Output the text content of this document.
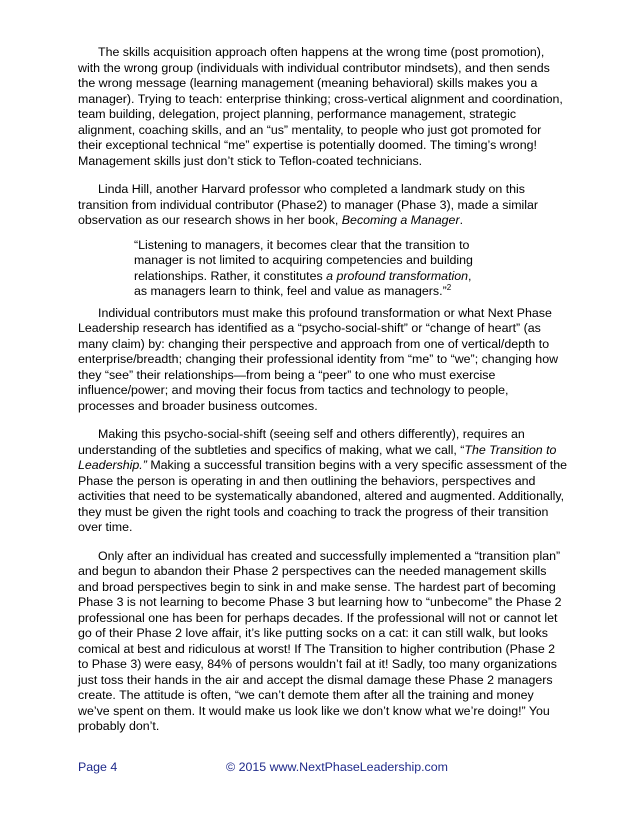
The skills acquisition approach often happens at the wrong time (post promotion), with the wrong group (individuals with individual contributor mindsets), and then sends the wrong message (learning management (meaning behavioral) skills makes you a manager). Trying to teach: enterprise thinking; cross-vertical alignment and coordination, team building, delegation, project planning, performance management, strategic alignment, coaching skills, and an “us” mentality, to people who just got promoted for their exceptional technical “me” expertise is potentially doomed. The timing’s wrong! Management skills just don’t stick to Teflon-coated technicians.

Linda Hill, another Harvard professor who completed a landmark study on this transition from individual contributor (Phase2) to manager (Phase 3), made a similar observation as our research shows in her book, Becoming a Manager.

“Listening to managers, it becomes clear that the transition to manager is not limited to acquiring competencies and building relationships. Rather, it constitutes a profound transformation, as managers learn to think, feel and value as managers.”$^2$

Individual contributors must make this profound transformation or what Next Phase Leadership research has identified as a “psycho-social-shift” or “change of heart” (as many claim) by: changing their perspective and approach from one of vertical/depth to enterprise/breadth; changing their professional identity from “me” to “we”; changing how they “see” their relationships—from being a “peer” to one who must exercise influence/power; and moving their focus from tactics and technology to people, processes and broader business outcomes.

Making this psycho-social-shift (seeing self and others differently), requires an understanding of the subtleties and specifics of making, what we call, “The Transition to Leadership.” Making a successful transition begins with a very specific assessment of the Phase the person is operating in and then outlining the behaviors, perspectives and activities that need to be systematically abandoned, altered and augmented. Additionally, they must be given the right tools and coaching to track the progress of their transition over time.

Only after an individual has created and successfully implemented a “transition plan” and begun to abandon their Phase 2 perspectives can the needed management skills and broad perspectives begin to sink in and make sense. The hardest part of becoming Phase 3 is not learning to become Phase 3 but learning how to “unbecome” the Phase 2 professional one has been for perhaps decades. If the professional will not or cannot let go of their Phase 2 love affair, it’s like putting socks on a cat: it can still walk, but looks comical at best and ridiculous at worst! If The Transition to higher contribution (Phase 2 to Phase 3) were easy, 84% of persons wouldn’t fail at it! Sadly, too many organizations just toss their hands in the air and accept the dismal damage these Phase 2 managers create. The attitude is often, “we can’t demote them after all the training and money we’ve spent on them. It would make us look like we don’t know what we’re doing!” You probably don’t.

Page 4	© 2015 www.NextPhaseLeadership.com
